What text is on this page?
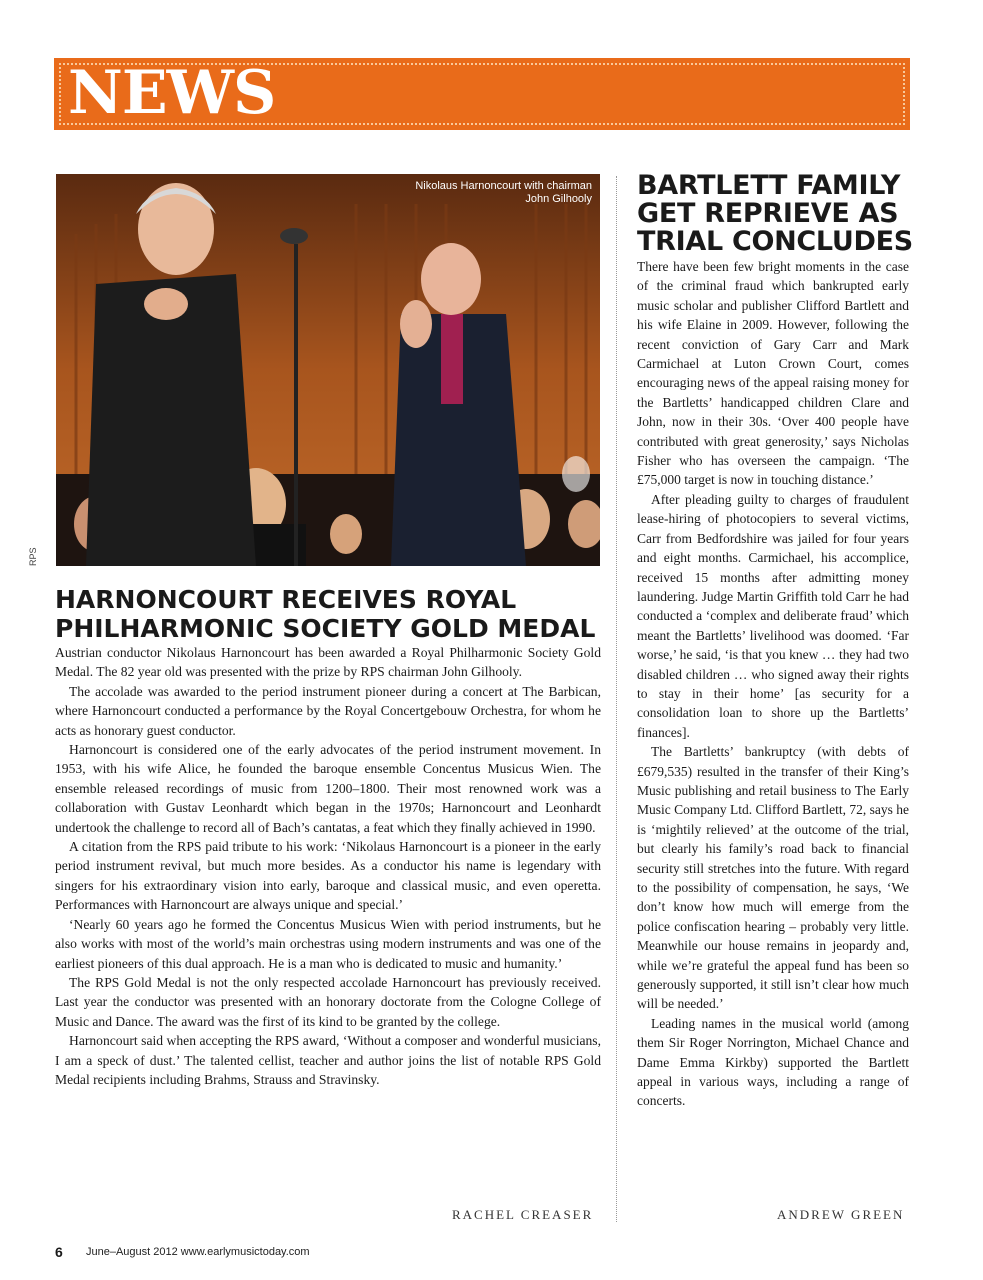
NEWS
Nikolaus Harnoncourt with chairman John Gilhooly
RPS
HARNONCOURT RECEIVES ROYAL PHILHARMONIC SOCIETY GOLD MEDAL

Austrian conductor Nikolaus Harnoncourt has been awarded a Royal Philharmonic Society Gold Medal. The 82 year old was presented with the prize by RPS chairman John Gilhooly.

The accolade was awarded to the period instrument pioneer during a concert at The Barbican, where Harnoncourt conducted a performance by the Royal Concertgebouw Orchestra, for whom he acts as honorary guest conductor.

Harnoncourt is considered one of the early advocates of the period instrument movement. In 1953, with his wife Alice, he founded the baroque ensemble Concentus Musicus Wien. The ensemble released recordings of music from 1200–1800. Their most renowned work was a collaboration with Gustav Leonhardt which began in the 1970s; Harnoncourt and Leonhardt undertook the challenge to record all of Bach’s cantatas, a feat which they finally achieved in 1990.

A citation from the RPS paid tribute to his work: ‘Nikolaus Harnoncourt is a pioneer in the early period instrument revival, but much more besides. As a conductor his name is legendary with singers for his extraordinary vision into early, baroque and classical music, and even operetta. Performances with Harnoncourt are always unique and special.’

‘Nearly 60 years ago he formed the Concentus Musicus Wien with period instruments, but he also works with most of the world’s main orchestras using modern instruments and was one of the earliest pioneers of this dual approach. He is a man who is dedicated to music and humanity.’

The RPS Gold Medal is not the only respected accolade Harnoncourt has previously received. Last year the conductor was presented with an honorary doctorate from the Cologne College of Music and Dance. The award was the first of its kind to be granted by the college.

Harnoncourt said when accepting the RPS award, ‘Without a composer and wonderful musicians, I am a speck of dust.’ The talented cellist, teacher and author joins the list of notable RPS Gold Medal recipients including Brahms, Strauss and Stravinsky.

RACHEL CREASER
BARTLETT FAMILY GET REPRIEVE AS TRIAL CONCLUDES

There have been few bright moments in the case of the criminal fraud which bankrupted early music scholar and publisher Clifford Bartlett and his wife Elaine in 2009. However, following the recent conviction of Gary Carr and Mark Carmichael at Luton Crown Court, comes encouraging news of the appeal raising money for the Bartletts’ handicapped children Clare and John, now in their 30s. ‘Over 400 people have contributed with great generosity,’ says Nicholas Fisher who has overseen the campaign. ‘The £75,000 target is now in touching distance.’

After pleading guilty to charges of fraudulent lease-hiring of photocopiers to several victims, Carr from Bedfordshire was jailed for four years and eight months. Carmichael, his accomplice, received 15 months after admitting money laundering. Judge Martin Griffith told Carr he had conducted a ‘complex and deliberate fraud’ which meant the Bartletts’ livelihood was doomed. ‘Far worse,’ he said, ‘is that you knew … they had two disabled children … who signed away their rights to stay in their home’ [as security for a consolidation loan to shore up the Bartletts’ finances].

The Bartletts’ bankruptcy (with debts of £679,535) resulted in the transfer of their King’s Music publishing and retail business to The Early Music Company Ltd. Clifford Bartlett, 72, says he is ‘mightily relieved’ at the outcome of the trial, but clearly his family’s road back to financial security still stretches into the future. With regard to the possibility of compensation, he says, ‘We don’t know how much will emerge from the police confiscation hearing – probably very little. Meanwhile our house remains in jeopardy and, while we’re grateful the appeal fund has been so generously supported, it still isn’t clear how much will be needed.’

Leading names in the musical world (among them Sir Roger Norrington, Michael Chance and Dame Emma Kirkby) supported the Bartlett appeal in various ways, including a range of concerts.

ANDREW GREEN
6 June–August 2012 www.earlymusictoday.com
